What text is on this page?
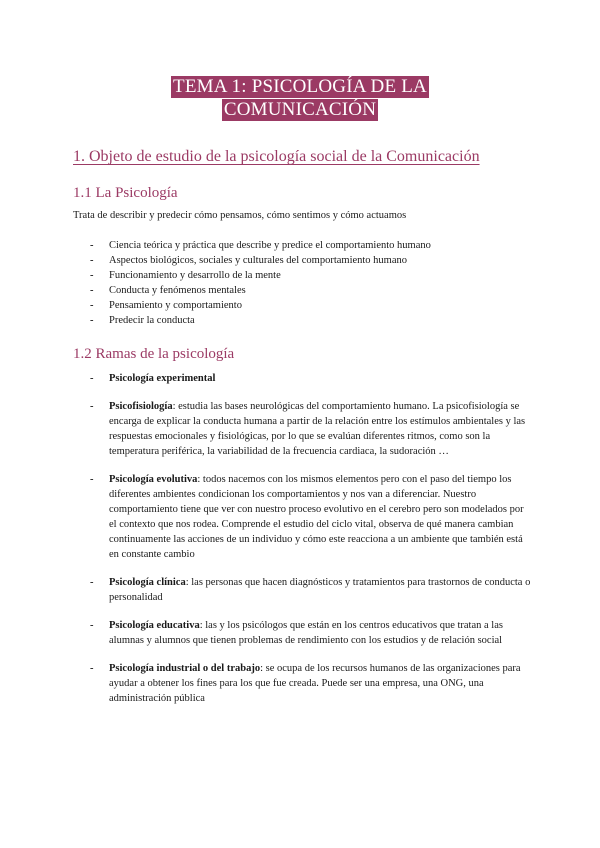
TEMA 1: PSICOLOGÍA DE LA
COMUNICACIÓN
1. Objeto de estudio de la psicología social de la Comunicación
1.1 La Psicología
Trata de describir y predecir cómo pensamos, cómo sentimos y cómo actuamos
- Ciencia teórica y práctica que describe y predice el comportamiento humano
- Aspectos biológicos, sociales y culturales del comportamiento humano
- Funcionamiento y desarrollo de la mente
- Conducta y fenómenos mentales
- Pensamiento y comportamiento
- Predecir la conducta
1.2 Ramas de la psicología
- Psicología experimental
- Psicofisiología: estudia las bases neurológicas del comportamiento humano. La psicofisiología se encarga de explicar la conducta humana a partir de la relación entre los estímulos ambientales y las respuestas emocionales y fisiológicas, por lo que se evalúan diferentes ritmos, como son la temperatura periférica, la variabilidad de la frecuencia cardiaca, la sudoración …
- Psicología evolutiva: todos nacemos con los mismos elementos pero con el paso del tiempo los diferentes ambientes condicionan los comportamientos y nos van a diferenciar. Nuestro comportamiento tiene que ver con nuestro proceso evolutivo en el cerebro pero son modelados por el contexto que nos rodea. Comprende el estudio del ciclo vital, observa de qué manera cambian continuamente las acciones de un individuo y cómo este reacciona a un ambiente que también está en constante cambio
- Psicología clínica: las personas que hacen diagnósticos y tratamientos para trastornos de conducta o personalidad
- Psicología educativa: las y los psicólogos que están en los centros educativos que tratan a las alumnas y alumnos que tienen problemas de rendimiento con los estudios y de relación social
- Psicología industrial o del trabajo: se ocupa de los recursos humanos de las organizaciones para ayudar a obtener los fines para los que fue creada. Puede ser una empresa, una ONG, una administración pública
